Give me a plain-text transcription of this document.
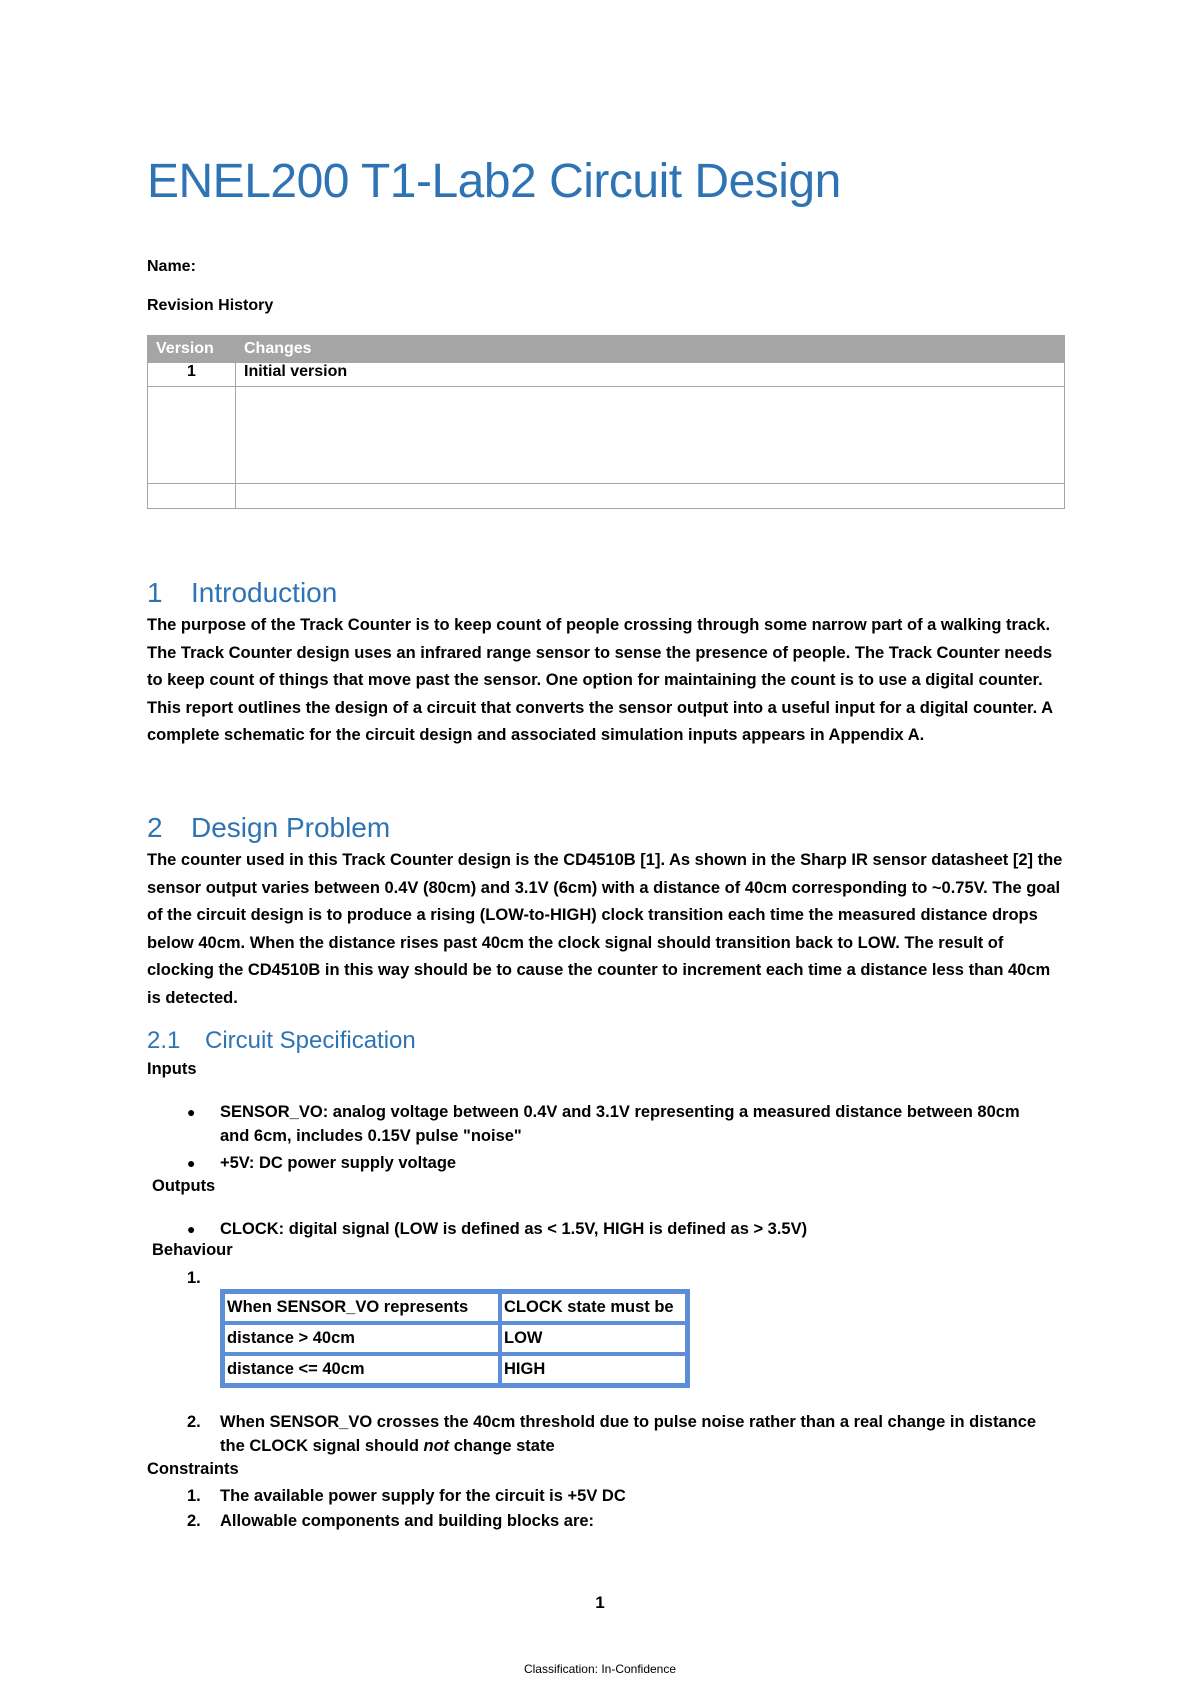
ENEL200 T1-Lab2 Circuit Design
Name:
Revision History
Version	Changes
1	Initial version

1 Introduction
The purpose of the Track Counter is to keep count of people crossing through some narrow part of a walking track. The Track Counter design uses an infrared range sensor to sense the presence of people. The Track Counter needs to keep count of things that move past the sensor. One option for maintaining the count is to use a digital counter. This report outlines the design of a circuit that converts the sensor output into a useful input for a digital counter. A complete schematic for the circuit design and associated simulation inputs appears in Appendix A.
2 Design Problem
The counter used in this Track Counter design is the CD4510B [1]. As shown in the Sharp IR sensor datasheet [2] the sensor output varies between 0.4V (80cm) and 3.1V (6cm) with a distance of 40cm corresponding to ~0.75V. The goal of the circuit design is to produce a rising (LOW-to-HIGH) clock transition each time the measured distance drops below 40cm. When the distance rises past 40cm the clock signal should transition back to LOW. The result of clocking the CD4510B in this way should be to cause the counter to increment each time a distance less than 40cm is detected.
2.1 Circuit Specification
Inputs
●	SENSOR_VO: analog voltage between 0.4V and 3.1V representing a measured distance between 80cm and 6cm, includes 0.15V pulse "noise"
●	+5V: DC power supply voltage
Outputs
●	CLOCK: digital signal (LOW is defined as < 1.5V, HIGH is defined as > 3.5V)
Behaviour
1.
When SENSOR_VO represents	CLOCK state must be
distance > 40cm	LOW
distance <= 40cm	HIGH
2. When SENSOR_VO crosses the 40cm threshold due to pulse noise rather than a real change in distance the CLOCK signal should not change state
Constraints
1. The available power supply for the circuit is +5V DC
2. Allowable components and building blocks are:
1
Classification: In-Confidence
